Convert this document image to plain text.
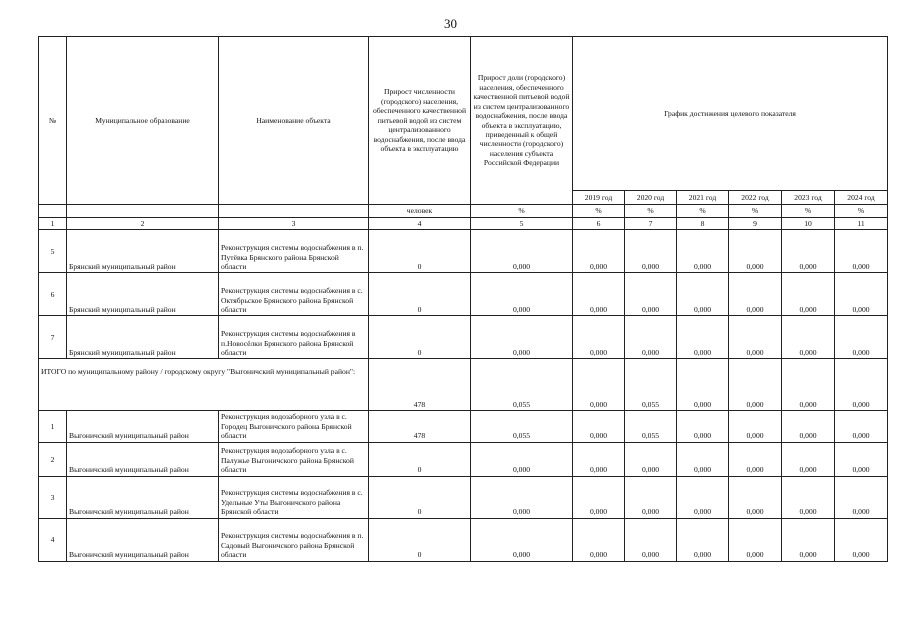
30
№	Муниципальное образование	Наименование объекта	Прирост численности (городского) населения, обеспеченного качественной питьевой водой из систем централизованного водоснабжения, после ввода объекта в эксплуатацию	Прирост доли (городского) населения, обеспеченного качественной питьевой водой из систем централизованного водоснабжения, после ввода объекта в эксплуатацию, приведенный к общей численности (городского) населения субъекта Российской Федерации	График достижения целевого показателя					
					2019 год	2020 год	2021 год	2022 год	2023 год	2024 год
			человек	%	%	%	%	%	%	%
1	2	3	4	5	6	7	8	9	10	11
5	Брянский муниципальный район	Реконструкция системы водоснабжения в п. Путёвка Брянского района Брянской области	0	0,000	0,000	0,000	0,000	0,000	0,000	0,000
6	Брянский муниципальный район	Реконструкция системы водоснабжения в с. Октябрьское Брянского района Брянской области	0	0,000	0,000	0,000	0,000	0,000	0,000	0,000
7	Брянский муниципальный район	Реконструкция системы водоснабжения в п.Новосёлки Брянского района Брянской области	0	0,000	0,000	0,000	0,000	0,000	0,000	0,000
ИТОГО по муниципальному району / городскому округу "Выгоничский муниципальный район":			478	0,055	0,000	0,055	0,000	0,000	0,000	0,000
1	Выгоничский муниципальный район	Реконструкция водозаборного узла в с. Городец Выгоничского района Брянской области	478	0,055	0,000	0,055	0,000	0,000	0,000	0,000
2	Выгоничский муниципальный район	Реконструкция водозаборного узла в с. Палужье Выгоничского района Брянской области	0	0,000	0,000	0,000	0,000	0,000	0,000	0,000
3	Выгоничский муниципальный район	Реконструкция системы водоснабжения в с. Удельные Уты Выгоничского района Брянской области	0	0,000	0,000	0,000	0,000	0,000	0,000	0,000
4	Выгоничский муниципальный район	Реконструкция системы водоснабжения в п. Садовый Выгоничского района Брянской области	0	0,000	0,000	0,000	0,000	0,000	0,000	0,000
